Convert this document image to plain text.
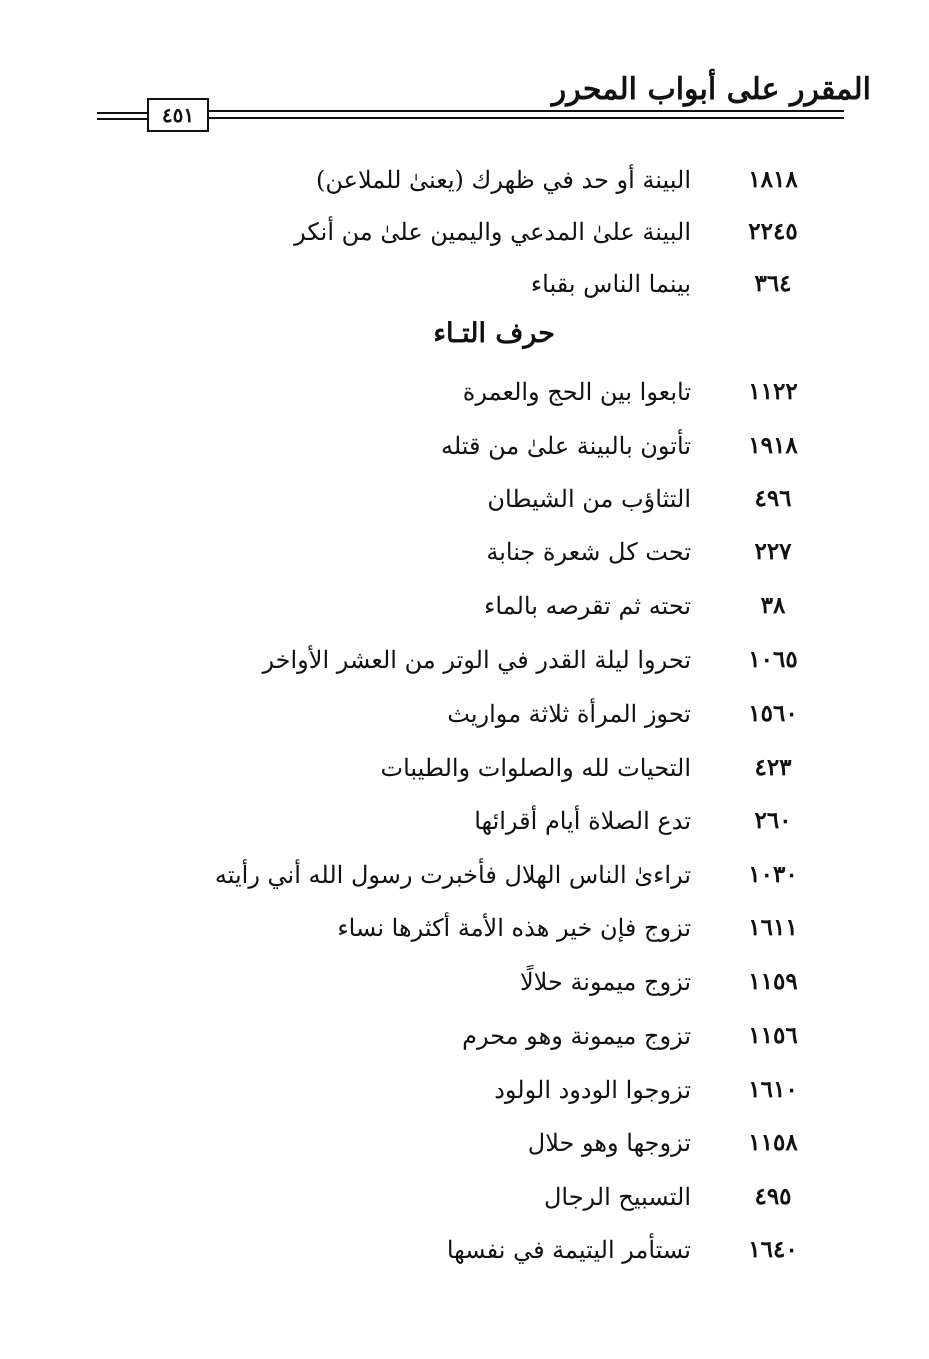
المقرر على أبواب المحرر
٤٥١
١٨١٨
البينة أو حد في ظهرك (يعنىٰ للملاعن)
٢٢٤٥
البينة علىٰ المدعي واليمين علىٰ من أنكر
٣٦٤
بينما الناس بقباء
حرف التـاء
١١٢٢
تابعوا بين الحج والعمرة
١٩١٨
تأتون بالبينة علىٰ من قتله
٤٩٦
التثاؤب من الشيطان
٢٢٧
تحت كل شعرة جنابة
٣٨
تحته ثم تقرصه بالماء
١٠٦٥
تحروا ليلة القدر في الوتر من العشر الأواخر
١٥٦٠
تحوز المرأة ثلاثة مواريث
٤٢٣
التحيات لله والصلوات والطيبات
٢٦٠
تدع الصلاة أيام أقرائها
١٠٣٠
تراءىٰ الناس الهلال فأخبرت رسول الله أني رأيته
١٦١١
تزوج فإن خير هذه الأمة أكثرها نساء
١١٥٩
تزوج ميمونة حلالًا
١١٥٦
تزوج ميمونة وهو محرم
١٦١٠
تزوجوا الودود الولود
١١٥٨
تزوجها وهو حلال
٤٩٥
التسبيح الرجال
١٦٤٠
تستأمر اليتيمة في نفسها
